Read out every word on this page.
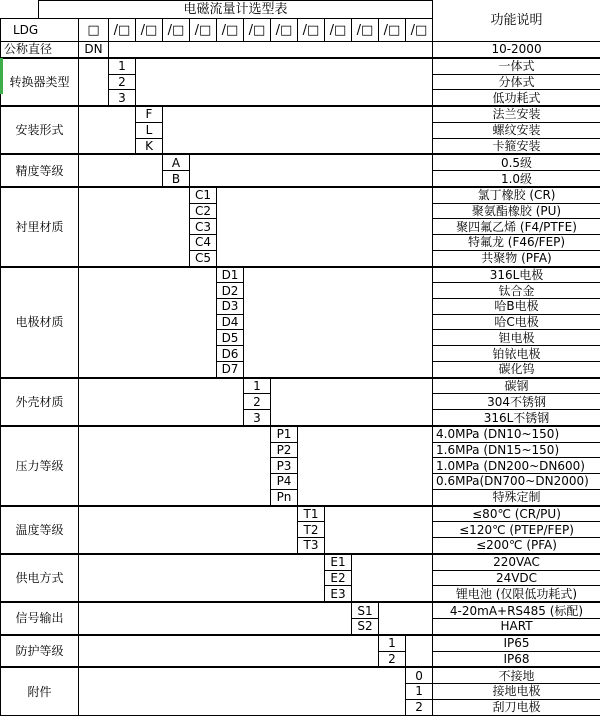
	电磁流量计选型表														功能说明
LDG		□	/□	/□	/□	/□	/□	/□	/□	/□	/□	/□	/□	/□	
公称直径		DN													10-2000
转换器类型			1												一体式
			2												分体式
			3												低功耗式
安装形式				F											法兰安装
				L											螺纹安装
				K											卡箍安装
精度等级					A										0.5级
					B										1.0级
衬里材质						C1									氯丁橡胶 (CR)
						C2									聚氨酯橡胶 (PU)
						C3									聚四氟乙烯 (F4/PTFE)
						C4									特氟龙 (F46/FEP)
						C5									共聚物 (PFA)
电极材质							D1								316L电极
							D2								钛合金
							D3								哈B电极
							D4								哈C电极
							D5								钽电极
							D6								铂铱电极
							D7								碳化钨
外壳材质								1							碳钢
								2							304不锈钢
								3							316L不锈钢
压力等级									P1						4.0MPa (DN10~150)
									P2						1.6MPa (DN15~150)
									P3						1.0MPa (DN200~DN600)
									P4						0.6MPa(DN700~DN2000)
									Pn						特殊定制
温度等级										T1					≤80℃ (CR/PU)
										T2					≤120℃ (PTEP/FEP)
										T3					≤200℃ (PFA)
供电方式											E1				220VAC
											E2				24VDC
											E3				锂电池 (仅限低功耗式)
信号输出												S1			4-20mA+RS485 (标配)
												S2			HART
防护等级													1		IP65
													2		IP68
附件														0	不接地
														1	接地电极
														2	刮刀电极
